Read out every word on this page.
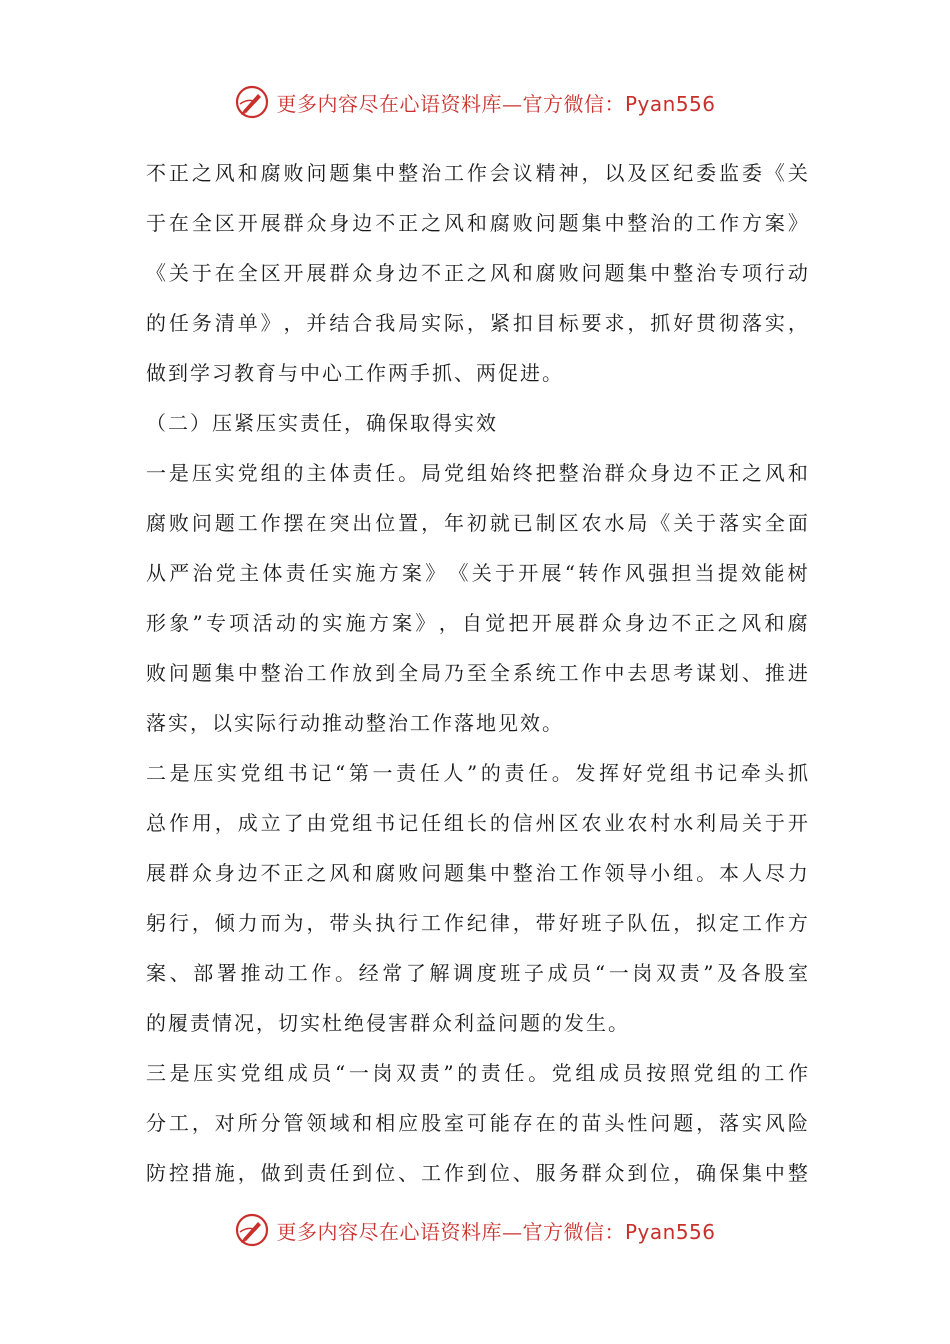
更多内容尽在心语资料库—官方微信：Pyan556
不 正 之 风 和 腐 败 问 题 集 中 整 治 工 作 会 议 精 神 ， 以 及 区 纪 委 监 委 《 关
于 在 全 区 开 展 群 众 身 边 不 正 之 风 和 腐 败 问 题 集 中 整 治 的 工 作 方 案 》
《 关 于 在 全 区 开 展 群 众 身 边 不 正 之 风 和 腐 败 问 题 集 中 整 治 专 项 行 动
的 任 务 清 单 》 ， 并 结 合 我 局 实 际 ， 紧 扣 目 标 要 求 ， 抓 好 贯 彻 落 实 ，
做到学习教育与中心工作两手抓、两促进。
（二）压紧压实责任，确保取得实效
一 是 压 实 党 组 的 主 体 责 任 。 局 党 组 始 终 把 整 治 群 众 身 边 不 正 之 风 和
腐 败 问 题 工 作 摆 在 突 出 位 置 ， 年 初 就 已 制 区 农 水 局 《 关 于 落 实 全 面
从 严 治 党 主 体 责 任 实 施 方 案 》 《 关 于 开 展 “ 转 作 风 强 担 当 提 效 能 树
形 象 ” 专 项 活 动 的 实 施 方 案 》 ， 自 觉 把 开 展 群 众 身 边 不 正 之 风 和 腐
败 问 题 集 中 整 治 工 作 放 到 全 局 乃 至 全 系 统 工 作 中 去 思 考 谋 划 、 推 进
落实，以实际行动推动整治工作落地见效。
二 是 压 实 党 组 书 记 “ 第 一 责 任 人 ” 的 责 任 。 发 挥 好 党 组 书 记 牵 头 抓
总 作 用 ， 成 立 了 由 党 组 书 记 任 组 长 的 信 州 区 农 业 农 村 水 利 局 关 于 开
展 群 众 身 边 不 正 之 风 和 腐 败 问 题 集 中 整 治 工 作 领 导 小 组 。 本 人 尽 力
躬 行 ， 倾 力 而 为 ， 带 头 执 行 工 作 纪 律 ， 带 好 班 子 队 伍 ， 拟 定 工 作 方
案 、 部 署 推 动 工 作 。 经 常 了 解 调 度 班 子 成 员 “ 一 岗 双 责 ” 及 各 股 室
的履责情况，切实杜绝侵害群众利益问题的发生。
三 是 压 实 党 组 成 员 “ 一 岗 双 责 ” 的 责 任 。 党 组 成 员 按 照 党 组 的 工 作
分 工 ， 对 所 分 管 领 域 和 相 应 股 室 可 能 存 在 的 苗 头 性 问 题 ， 落 实 风 险
防 控 措 施 ， 做 到 责 任 到 位 、 工 作 到 位 、 服 务 群 众 到 位 ， 确 保 集 中 整
更多内容尽在心语资料库—官方微信：Pyan556
